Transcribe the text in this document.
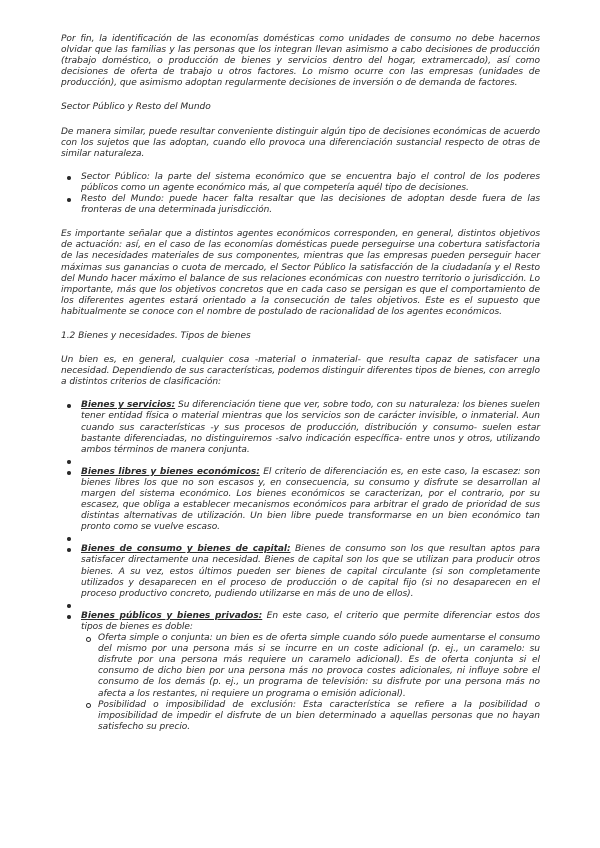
Por fin, la identificación de las economías domésticas como unidades de consumo no debe hacernos olvidar que las familias y las personas que los integran llevan asimismo a cabo decisiones de producción (trabajo doméstico, o producción de bienes y servicios dentro del hogar, extramercado), así como decisiones de oferta de trabajo u otros factores. Lo mismo ocurre con las empresas (unidades de producción), que asimismo adoptan regularmente decisiones de inversión o de demanda de factores.

Sector Público y Resto del Mundo

De manera similar, puede resultar conveniente distinguir algún tipo de decisiones económicas de acuerdo con los sujetos que las adoptan, cuando ello provoca una diferenciación sustancial respecto de otras de similar naturaleza.

Sector Público: la parte del sistema económico que se encuentra bajo el control de los poderes públicos como un agente económico más, al que competería aquél tipo de decisiones.
Resto del Mundo: puede hacer falta resaltar que las decisiones de adoptan desde fuera de las fronteras de una determinada jurisdicción.

Es importante señalar que a distintos agentes económicos corresponden, en general, distintos objetivos de actuación: así, en el caso de las economías domésticas puede perseguirse una cobertura satisfactoria de las necesidades materiales de sus componentes, mientras que las empresas pueden perseguir hacer máximas sus ganancias o cuota de mercado, el Sector Público la satisfacción de la ciudadanía y el Resto del Mundo hacer máximo el balance de sus relaciones económicas con nuestro territorio o jurisdicción. Lo importante, más que los objetivos concretos que en cada caso se persigan es que el comportamiento de los diferentes agentes estará orientado a la consecución de tales objetivos. Este es el supuesto que habitualmente se conoce con el nombre de postulado de racionalidad de los agentes económicos.

1.2 Bienes y necesidades. Tipos de bienes

Un bien es, en general, cualquier cosa -material o inmaterial- que resulta capaz de satisfacer una necesidad. Dependiendo de sus características, podemos distinguir diferentes tipos de bienes, con arreglo a distintos criterios de clasificación:

Bienes y servicios: Su diferenciación tiene que ver, sobre todo, con su naturaleza: los bienes suelen tener entidad física o material mientras que los servicios son de carácter invisible, o inmaterial. Aun cuando sus características -y sus procesos de producción, distribución y consumo- suelen estar bastante diferenciadas, no distinguiremos -salvo indicación específica- entre unos y otros, utilizando ambos términos de manera conjunta.
Bienes libres y bienes económicos: El criterio de diferenciación es, en este caso, la escasez: son bienes libres los que no son escasos y, en consecuencia, su consumo y disfrute se desarrollan al margen del sistema económico. Los bienes económicos se caracterizan, por el contrario, por su escasez, que obliga a establecer mecanismos económicos para arbitrar el grado de prioridad de sus distintas alternativas de utilización. Un bien libre puede transformarse en un bien económico tan pronto como se vuelve escaso.
Bienes de consumo y bienes de capital: Bienes de consumo son los que resultan aptos para satisfacer directamente una necesidad. Bienes de capital son los que se utilizan para producir otros bienes. A su vez, estos últimos pueden ser bienes de capital circulante (si son completamente utilizados y desaparecen en el proceso de producción o de capital fijo (si no desaparecen en el proceso productivo concreto, pudiendo utilizarse en más de uno de ellos).
Bienes públicos y bienes privados: En este caso, el criterio que permite diferenciar estos dos tipos de bienes es doble:
Oferta simple o conjunta: un bien es de oferta simple cuando sólo puede aumentarse el consumo del mismo por una persona más si se incurre en un coste adicional (p. ej., un caramelo: su disfrute por una persona más requiere un caramelo adicional). Es de oferta conjunta si el consumo de dicho bien por una persona más no provoca costes adicionales, ni influye sobre el consumo de los demás (p. ej., un programa de televisión: su disfrute por una persona más no afecta a los restantes, ni requiere un programa o emisión adicional).
Posibilidad o imposibilidad de exclusión: Esta característica se refiere a la posibilidad o imposibilidad de impedir el disfrute de un bien determinado a aquellas personas que no hayan satisfecho su precio.
